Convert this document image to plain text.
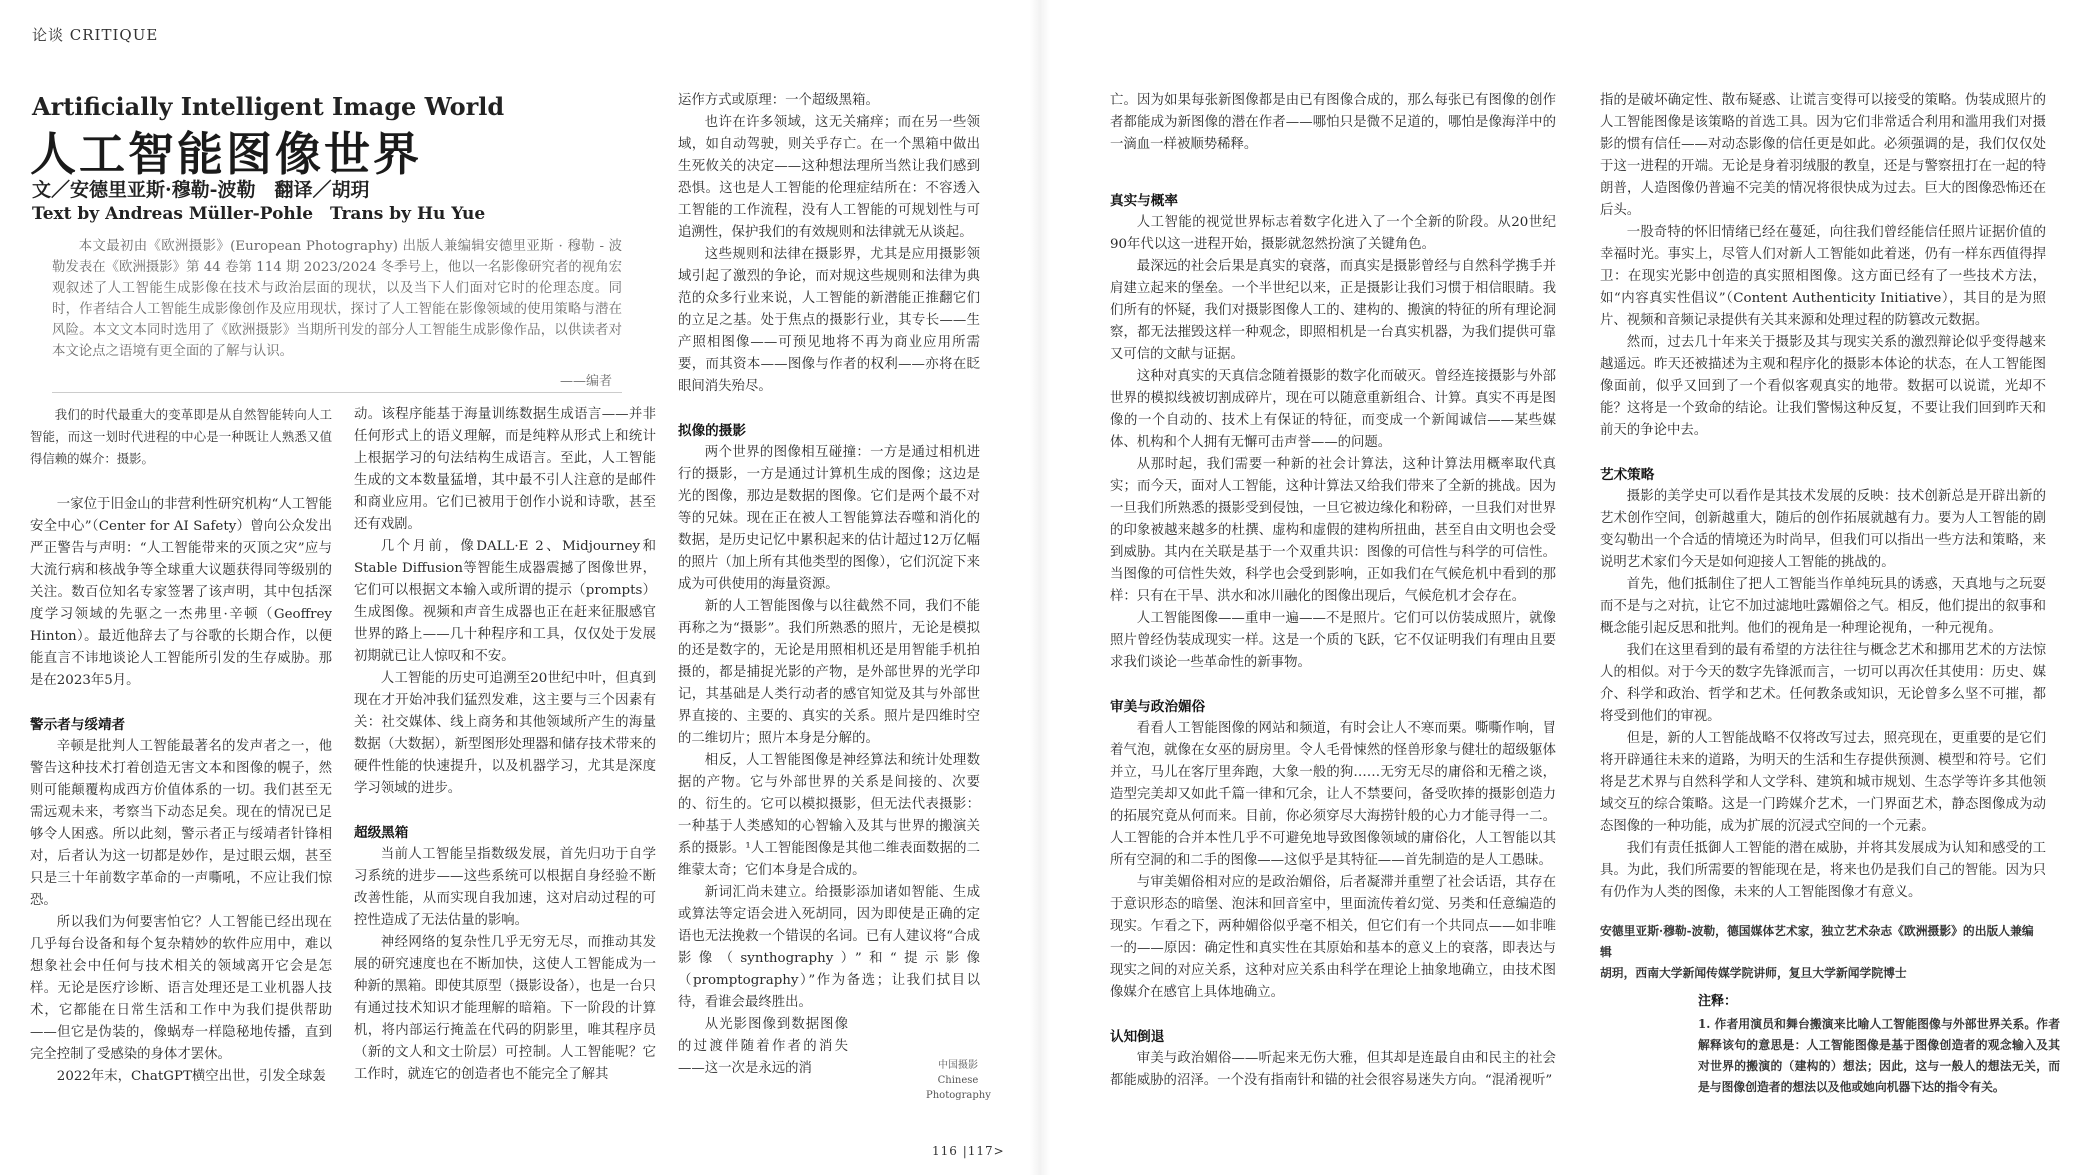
论谈 CRITIQUE
Artificially Intelligent Image World
人工智能图像世界
文／安德里亚斯·穆勒-波勒　翻译／胡玥
Text by Andreas Müller-Pohle　Trans by Hu Yue

本文最初由《欧洲摄影》(European Photography) 出版人兼编辑安德里亚斯 · 穆勒 - 波勒发表在《欧洲摄影》第 44 卷第 114 期 2023/2024 冬季号上，他以一名影像研究者的视角宏观叙述了人工智能生成影像在技术与政治层面的现状，以及当下人们面对它时的伦理态度。同时，作者结合人工智能生成影像创作及应用现状，探讨了人工智能在影像领域的使用策略与潜在风险。本文文本同时选用了《欧洲摄影》当期所刊发的部分人工智能生成影像作品，以供读者对本文论点之语境有更全面的了解与认识。

——编者

我们的时代最重大的变革即是从自然智能转向人工智能，而这一划时代进程的中心是一种既让人熟悉又值得信赖的媒介：摄影。

一家位于旧金山的非营利性研究机构“人工智能安全中心”（Center for AI Safety）曾向公众发出严正警告与声明：“人工智能带来的灭顶之灾”应与大流行病和核战争等全球重大议题获得同等级别的关注。数百位知名专家签署了该声明，其中包括深度学习领域的先驱之一杰弗里·辛顿（Geoffrey Hinton）。最近他辞去了与谷歌的长期合作，以便能直言不讳地谈论人工智能所引发的生存威胁。那是在2023年5月。

警示者与绥靖者

辛顿是批判人工智能最著名的发声者之一，他警告这种技术打着创造无害文本和图像的幌子，然则可能颠覆构成西方价值体系的一切。我们甚至无需远观未来，考察当下动态足矣。现在的情况已足够令人困惑。所以此刻，警示者正与绥靖者针锋相对，后者认为这一切都是妙作，是过眼云烟，甚至只是三十年前数字革命的一声嘶吼，不应让我们惊恐。

所以我们为何要害怕它？人工智能已经出现在几乎每台设备和每个复杂精妙的软件应用中，难以想象社会中任何与技术相关的领域离开它会是怎样。无论是医疗诊断、语言处理还是工业机器人技术，它都能在日常生活和工作中为我们提供帮助——但它是伪装的，像蜗寿一样隐秘地传播，直到完全控制了受感染的身体才罢休。

2022年末，ChatGPT横空出世，引发全球轰

动。该程序能基于海量训练数据生成语言——并非任何形式上的语义理解，而是纯粹从形式上和统计上根据学习的句法结构生成语言。至此，人工智能生成的文本数量猛增，其中最不引人注意的是邮件和商业应用。它们已被用于创作小说和诗歌，甚至还有戏剧。

几个月前，像DALL·E 2、Midjourney和Stable Diffusion等智能生成器震撼了图像世界，它们可以根据文本输入或所谓的提示（prompts）生成图像。视频和声音生成器也正在赶来征服感官世界的路上——几十种程序和工具，仅仅处于发展初期就已让人惊叹和不安。

人工智能的历史可追溯至20世纪中叶，但真到现在才开始冲我们猛烈发难，这主要与三个因素有关：社交媒体、线上商务和其他领域所产生的海量数据（大数据），新型图形处理器和储存技术带来的硬件性能的快速提升，以及机器学习，尤其是深度学习领域的进步。

超级黑箱

当前人工智能呈指数级发展，首先归功于自学习系统的进步——这些系统可以根据自身经验不断改善性能，从而实现自我加速，这对启动过程的可控性造成了无法估量的影响。

神经网络的复杂性几乎无穷无尽，而推动其发展的研究速度也在不断加快，这使人工智能成为一种新的黑箱。即使其原型（摄影设备），也是一台只有通过技术知识才能理解的暗箱。下一阶段的计算机，将内部运行掩盖在代码的阴影里，唯其程序员（新的文人和文士阶层）可控制。人工智能呢？它工作时，就连它的创造者也不能完全了解其

运作方式或原理：一个超级黑箱。

也许在许多领域，这无关痛痒；而在另一些领域，如自动驾驶，则关乎存亡。在一个黑箱中做出生死攸关的决定——这种想法理所当然让我们感到恐惧。这也是人工智能的伦理症结所在：不容透入工智能的工作流程，没有人工智能的可规划性与可追溯性，保护我们的有效规则和法律就无从谈起。

这些规则和法律在摄影界，尤其是应用摄影领域引起了激烈的争论，而对规这些规则和法律为典范的众多行业来说，人工智能的新潜能正推翻它们的立足之基。处于焦点的摄影行业，其专长——生产照相图像——可预见地将不再为商业应用所需要，而其资本——图像与作者的权利——亦将在眨眼间消失殆尽。

拟像的摄影

两个世界的图像相互碰撞：一方是通过相机进行的摄影，一方是通过计算机生成的图像；这边是光的图像，那边是数据的图像。它们是两个最不对等的兄妹。现在正在被人工智能算法吞噬和消化的数据，是历史记忆中累积起来的估计超过12万亿幅的照片（加上所有其他类型的图像），它们沉淀下来成为可供使用的海量资源。

新的人工智能图像与以往截然不同，我们不能再称之为“摄影”。我们所熟悉的照片，无论是模拟的还是数字的，无论是用照相机还是用智能手机拍摄的，都是捕捉光影的产物，是外部世界的光学印记，其基础是人类行动者的感官知觉及其与外部世界直接的、主要的、真实的关系。照片是四维时空的二维切片；照片本身是分解的。

相反，人工智能图像是神经算法和统计处理数据的产物。它与外部世界的关系是间接的、次要的、衍生的。它可以模拟摄影，但无法代表摄影：一种基于人类感知的心智输入及其与世界的搬演关系的摄影。¹人工智能图像是其他二维表面数据的二维蒙太奇；它们本身是合成的。

新词汇尚未建立。给摄影添加诸如智能、生成或算法等定语会进入死胡同，因为即使是正确的定语也无法挽救一个错误的名词。已有人建议将“合成影像（synthography）”和“提示影像（promptography）”作为备选；让我们拭目以待，看谁会最终胜出。

从光影图像到数据图像的过渡伴随着作者的消失——这一次是永远的消	中国摄影
Chinese
Photography
116 |117>

亡。因为如果每张新图像都是由已有图像合成的，那么每张已有图像的创作者都能成为新图像的潜在作者——哪怕只是微不足道的，哪怕是像海洋中的一滴血一样被顺势稀释。

真实与概率

人工智能的视觉世界标志着数字化进入了一个全新的阶段。从20世纪90年代以这一进程开始，摄影就忽然扮演了关键角色。

最深远的社会后果是真实的衰落，而真实是摄影曾经与自然科学携手并肩建立起来的堡垒。一个半世纪以来，正是摄影让我们习惯于相信眼睛。我们所有的怀疑，我们对摄影图像人工的、建构的、搬演的特征的所有理论洞察，都无法摧毁这样一种观念，即照相机是一台真实机器，为我们提供可靠又可信的文献与证据。

这种对真实的天真信念随着摄影的数字化而破灭。曾经连接摄影与外部世界的模拟线被切割成碎片，现在可以随意重新组合、计算。真实不再是图像的一个自动的、技术上有保证的特征，而变成一个新闻诚信——某些媒体、机构和个人拥有无懈可击声誉——的问题。

从那时起，我们需要一种新的社会计算法，这种计算法用概率取代真实；而今天，面对人工智能，这种计算法又给我们带来了全新的挑战。因为一旦我们所熟悉的摄影受到侵蚀，一旦它被边缘化和粉碎，一旦我们对世界的印象被越来越多的杜撰、虚构和虚假的建构所扭曲，甚至自由文明也会受到威胁。其内在关联是基于一个双重共识：图像的可信性与科学的可信性。当图像的可信性失效，科学也会受到影响，正如我们在气候危机中看到的那样：只有在干旱、洪水和冰川融化的图像出现后，气候危机才会存在。

人工智能图像——重申一遍——不是照片。它们可以仿装成照片，就像照片曾经伪装成现实一样。这是一个质的飞跃，它不仅证明我们有理由且要求我们谈论一些革命性的新事物。

审美与政治媚俗

看看人工智能图像的网站和频道，有时会让人不寒而栗。嘶嘶作响，冒着气泡，就像在女巫的厨房里。令人毛骨悚然的怪兽形象与健壮的超级躯体并立，马儿在客厅里奔跑，大象一般的狗……无穷无尽的庸俗和无稽之谈，造型完美却又如此千篇一律和冗余，让人不禁要问，备受吹捧的摄影创造力的拓展究竟从何而来。目前，你必须穿尽大海捞针般的心力才能寻得一二。人工智能的合并本性几乎不可避免地导致图像领域的庸俗化，人工智能以其所有空洞的和二手的图像——这似乎是其特征——首先制造的是人工愚昧。

与审美媚俗相对应的是政治媚俗，后者凝滞并重塑了社会话语，其存在于意识形态的暗堡、泡沫和回音室中，里面流传着幻觉、另类和任意编造的现实。乍看之下，两种媚俗似乎毫不相关，但它们有一个共同点——如非唯一的——原因：确定性和真实性在其原始和基本的意义上的衰落，即表达与现实之间的对应关系，这种对应关系由科学在理论上抽象地确立，由技术图像媒介在感官上具体地确立。

认知倒退

审美与政治媚俗——听起来无伤大雅，但其却是连最自由和民主的社会都能威胁的沼泽。一个没有指南针和锚的社会很容易迷失方向。“混淆视听”

指的是破坏确定性、散布疑惑、让谎言变得可以接受的策略。伪装成照片的人工智能图像是该策略的首选工具。因为它们非常适合利用和滥用我们对摄影的惯有信任——对动态影像的信任更是如此。必须强调的是，我们仅仅处于这一进程的开端。无论是身着羽绒服的教皇，还是与警察扭打在一起的特朗普，人造图像仍普遍不完美的情况将很快成为过去。巨大的图像恐怖还在后头。

一股奇特的怀旧情绪已经在蔓延，向往我们曾经能信任照片证据价值的幸福时光。事实上，尽管人们对新人工智能如此着迷，仍有一样东西值得捍卫：在现实光影中创造的真实照相图像。这方面已经有了一些技术方法，如“内容真实性倡议”（Content Authenticity Initiative），其目的是为照片、视频和音频记录提供有关其来源和处理过程的防篡改元数据。

然而，过去几十年来关于摄影及其与现实关系的激烈辩论似乎变得越来越遥远。昨天还被描述为主观和程序化的摄影本体论的状态，在人工智能图像面前，似乎又回到了一个看似客观真实的地带。数据可以说谎，光却不能？这将是一个致命的结论。让我们警惕这种反复，不要让我们回到昨天和前天的争论中去。

艺术策略

摄影的美学史可以看作是其技术发展的反映：技术创新总是开辟出新的艺术创作空间，创新越重大，随后的创作拓展就越有力。要为人工智能的剧变勾勒出一个合适的情境还为时尚早，但我们可以指出一些方法和策略，来说明艺术家们今天是如何迎接人工智能的挑战的。

首先，他们抵制住了把人工智能当作单纯玩具的诱惑，天真地与之玩耍而不是与之对抗，让它不加过滤地吐露媚俗之气。相反，他们提出的叙事和概念能引起反思和批判。他们的视角是一种理论视角，一种元视角。

我们在这里看到的最有希望的方法往往与概念艺术和挪用艺术的方法惊人的相似。对于今天的数字先锋派而言，一切可以再次任其使用：历史、媒介、科学和政治、哲学和艺术。任何教条或知识，无论曾多么坚不可摧，都将受到他们的审视。

但是，新的人工智能战略不仅将改写过去，照亮现在，更重要的是它们将开辟通往未来的道路，为明天的生活和生存提供预测、模型和符号。它们将是艺术界与自然科学和人文学科、建筑和城市规划、生态学等许多其他领域交互的综合策略。这是一门跨媒介艺术，一门界面艺术，静态图像成为动态图像的一种功能，成为扩展的沉浸式空间的一个元素。

我们有责任抵御人工智能的潜在威胁，并将其发展成为认知和感受的工具。为此，我们所需要的智能现在是，将来也仍是我们自己的智能。因为只有仍作为人类的图像，未来的人工智能图像才有意义。

安德里亚斯·穆勒-波勒，德国媒体艺术家，独立艺术杂志《欧洲摄影》的出版人兼编辑

胡玥，西南大学新闻传媒学院讲师，复旦大学新闻学院博士

注释：
1. 作者用演员和舞台搬演来比喻人工智能图像与外部世界关系。作者解释该句的意思是：人工智能图像是基于图像创造者的观念输入及其对世界的搬演的（建构的）想法；因此，这与一般人的想法无关，而是与图像创造者的想法以及他或她向机器下达的指令有关。
